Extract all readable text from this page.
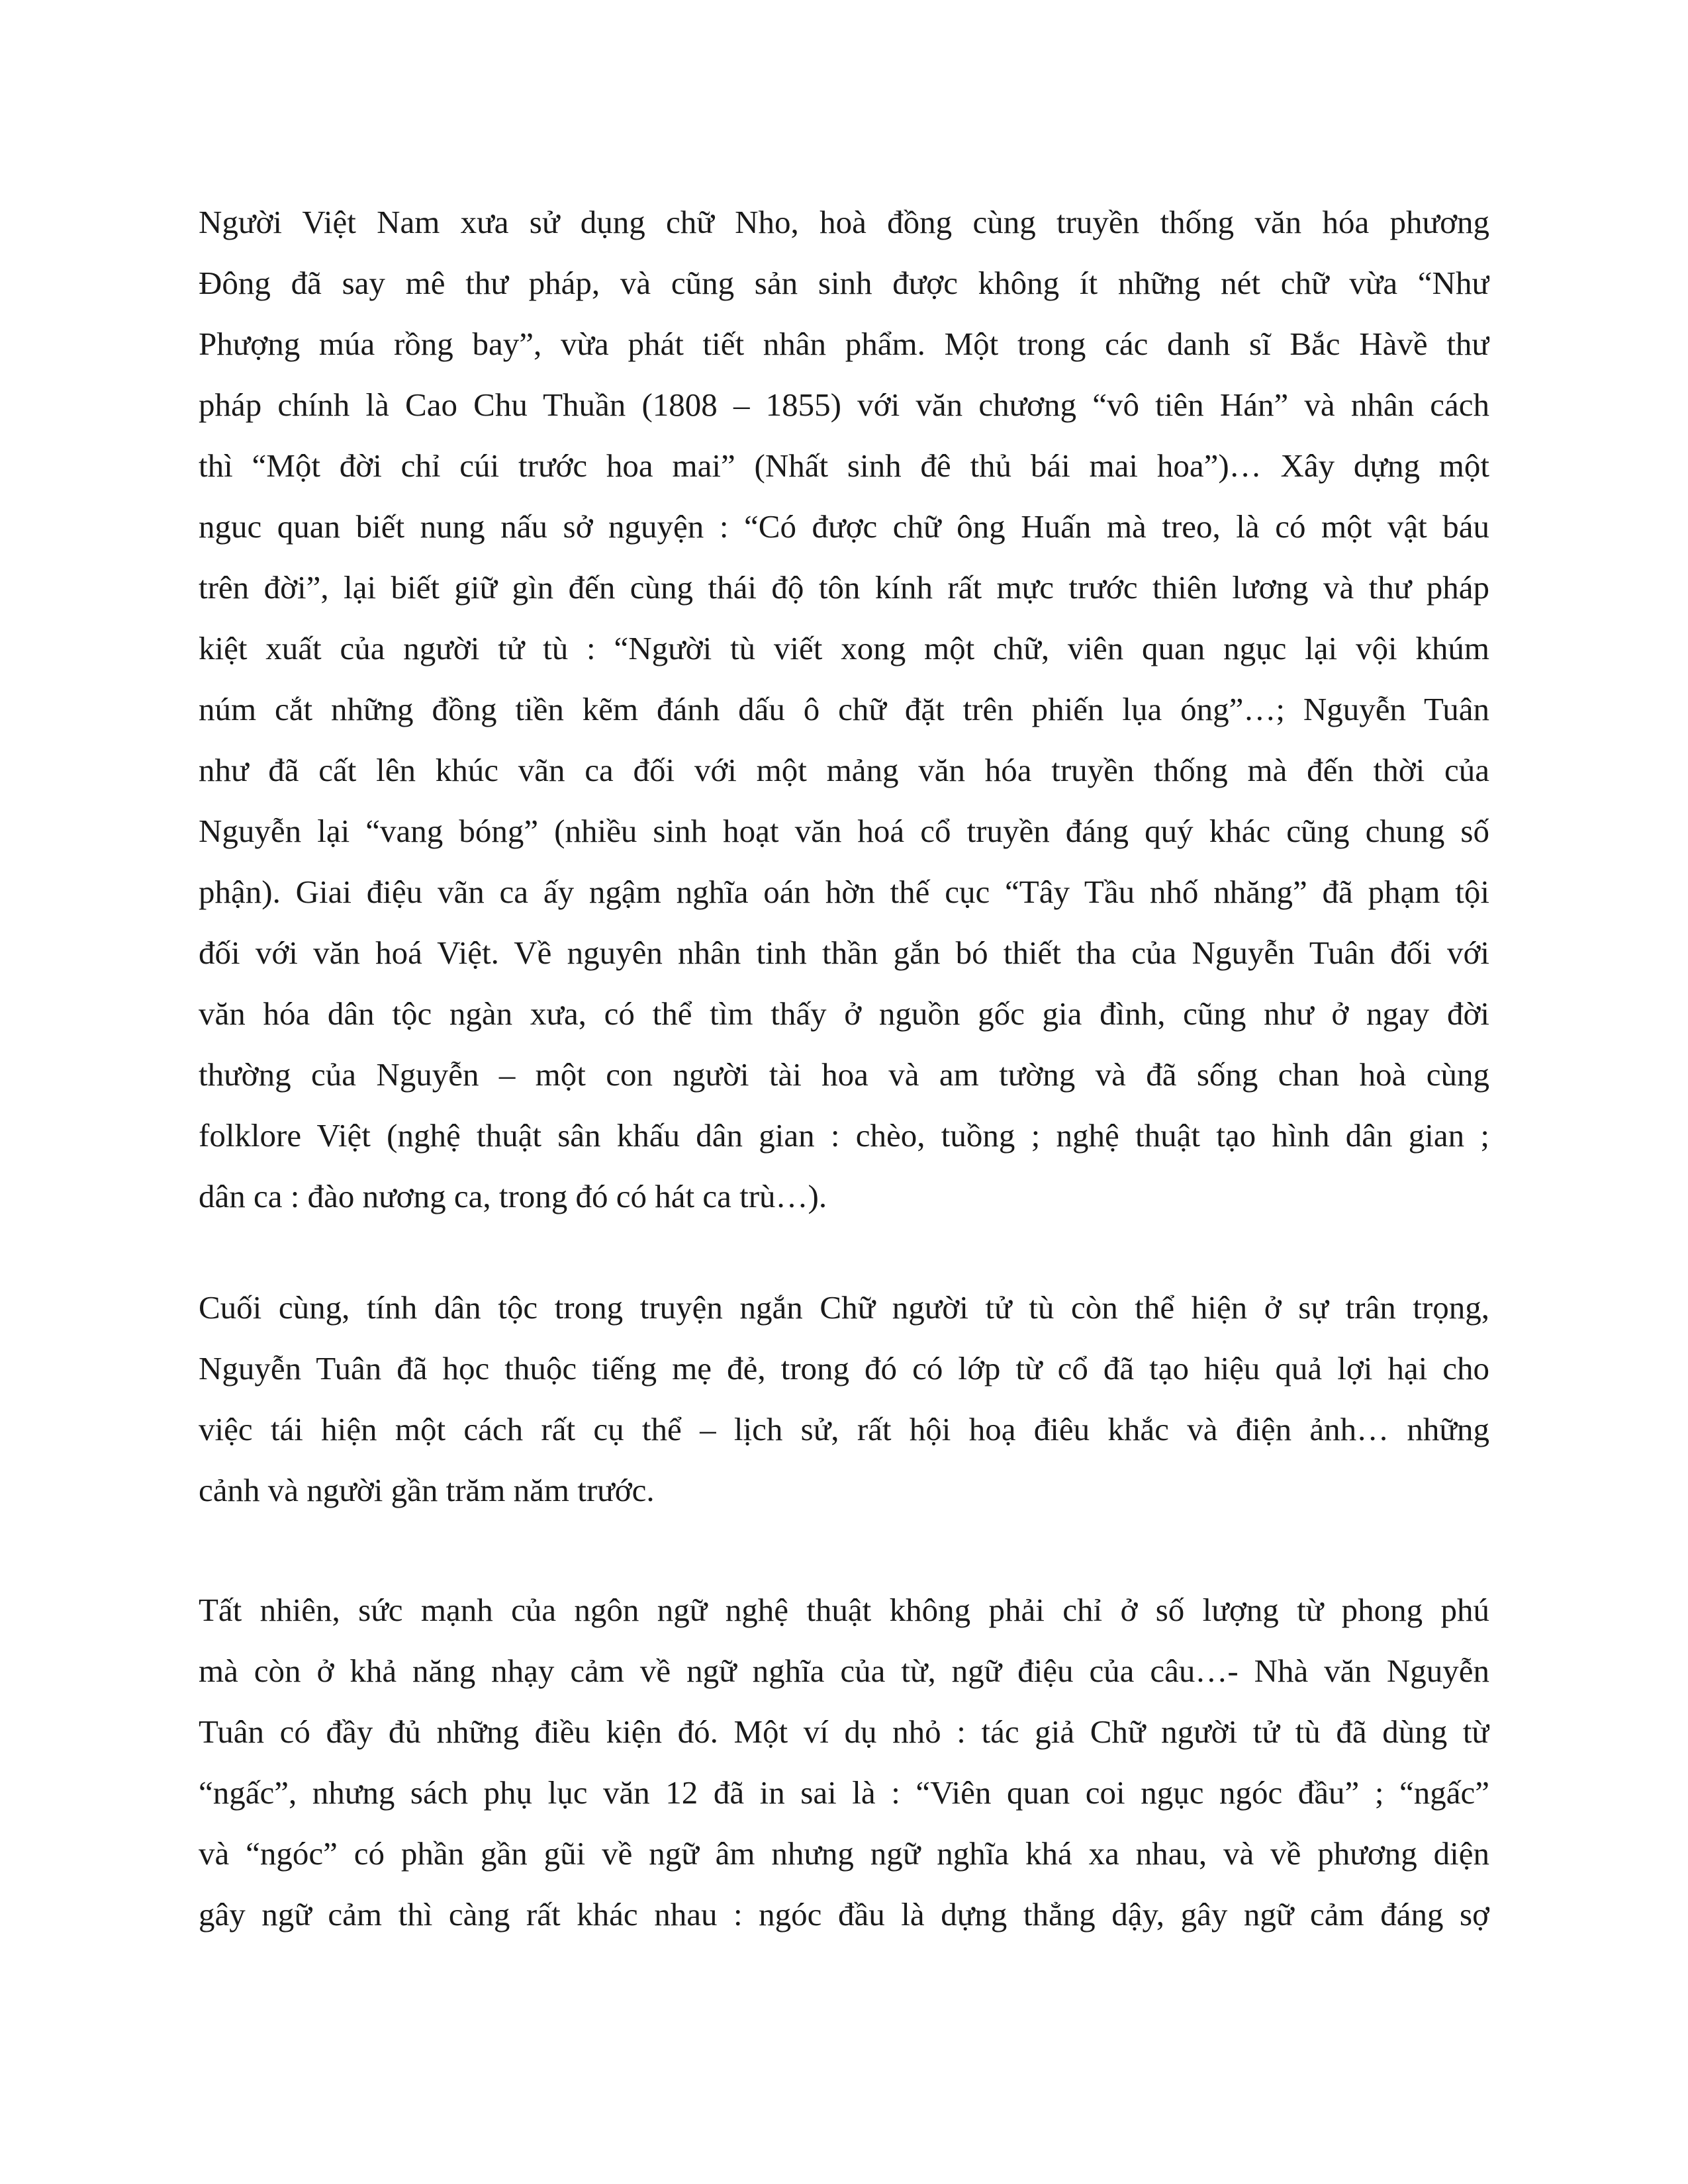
Người Việt Nam xưa sử dụng chữ Nho, hoà đồng cùng truyền thống văn hóa phương
Đông đã say mê thư pháp, và cũng sản sinh được không ít những nét chữ vừa “Như
Phượng múa rồng bay”, vừa phát tiết nhân phẩm. Một trong các danh sĩ Bắc Hàvề thư
pháp chính là Cao Chu Thuần (1808 – 1855) với văn chương “vô tiên Hán” và nhân cách
thì “Một đời chỉ cúi trước hoa mai” (Nhất sinh đê thủ bái mai hoa”)… Xây dựng một
nguc quan biết nung nấu sở nguyện : “Có được chữ ông Huấn mà treo, là có một vật báu
trên đời”, lại biết giữ gìn đến cùng thái độ tôn kính rất mực trước thiên lương và thư pháp
kiệt xuất của người tử tù : “Người tù viết xong một chữ, viên quan ngục lại vội khúm
núm cắt những đồng tiền kẽm đánh dấu ô chữ đặt trên phiến lụa óng”…; Nguyễn Tuân
như đã cất lên khúc vãn ca đối với một mảng văn hóa truyền thống mà đến thời của
Nguyễn lại “vang bóng” (nhiều sinh hoạt văn hoá cổ truyền đáng quý khác cũng chung số
phận). Giai điệu vãn ca ấy ngậm nghĩa oán hờn thế cục “Tây Tầu nhố nhăng” đã phạm tội
đối với văn hoá Việt. Về nguyên nhân tinh thần gắn bó thiết tha của Nguyễn Tuân đối với
văn hóa dân tộc ngàn xưa, có thể tìm thấy ở nguồn gốc gia đình, cũng như ở ngay đời
thường của Nguyễn – một con người tài hoa và am tường và đã sống chan hoà cùng
folklore Việt (nghệ thuật sân khấu dân gian : chèo, tuồng ; nghệ thuật tạo hình dân gian ;
dân ca : đào nương ca, trong đó có hát ca trù…).
Cuối cùng, tính dân tộc trong truyện ngắn Chữ người tử tù còn thể hiện ở sự trân trọng,
Nguyễn Tuân đã học thuộc tiếng mẹ đẻ, trong đó có lớp từ cổ đã tạo hiệu quả lợi hại cho
việc tái hiện một cách rất cụ thể – lịch sử, rất hội hoạ điêu khắc và điện ảnh… những
cảnh và người gần trăm năm trước.
Tất nhiên, sức mạnh của ngôn ngữ nghệ thuật không phải chỉ ở số lượng từ phong phú
mà còn ở khả năng nhạy cảm về ngữ nghĩa của từ, ngữ điệu của câu…- Nhà văn Nguyễn
Tuân có đầy đủ những điều kiện đó. Một ví dụ nhỏ : tác giả Chữ người tử tù đã dùng từ
“ngấc”, nhưng sách phụ lục văn 12 đã in sai là : “Viên quan coi ngục ngóc đầu” ; “ngấc”
và “ngóc” có phần gần gũi về ngữ âm nhưng ngữ nghĩa khá xa nhau, và về phương diện
gây ngữ cảm thì càng rất khác nhau : ngóc đầu là dựng thẳng dậy, gây ngữ cảm đáng sợ
